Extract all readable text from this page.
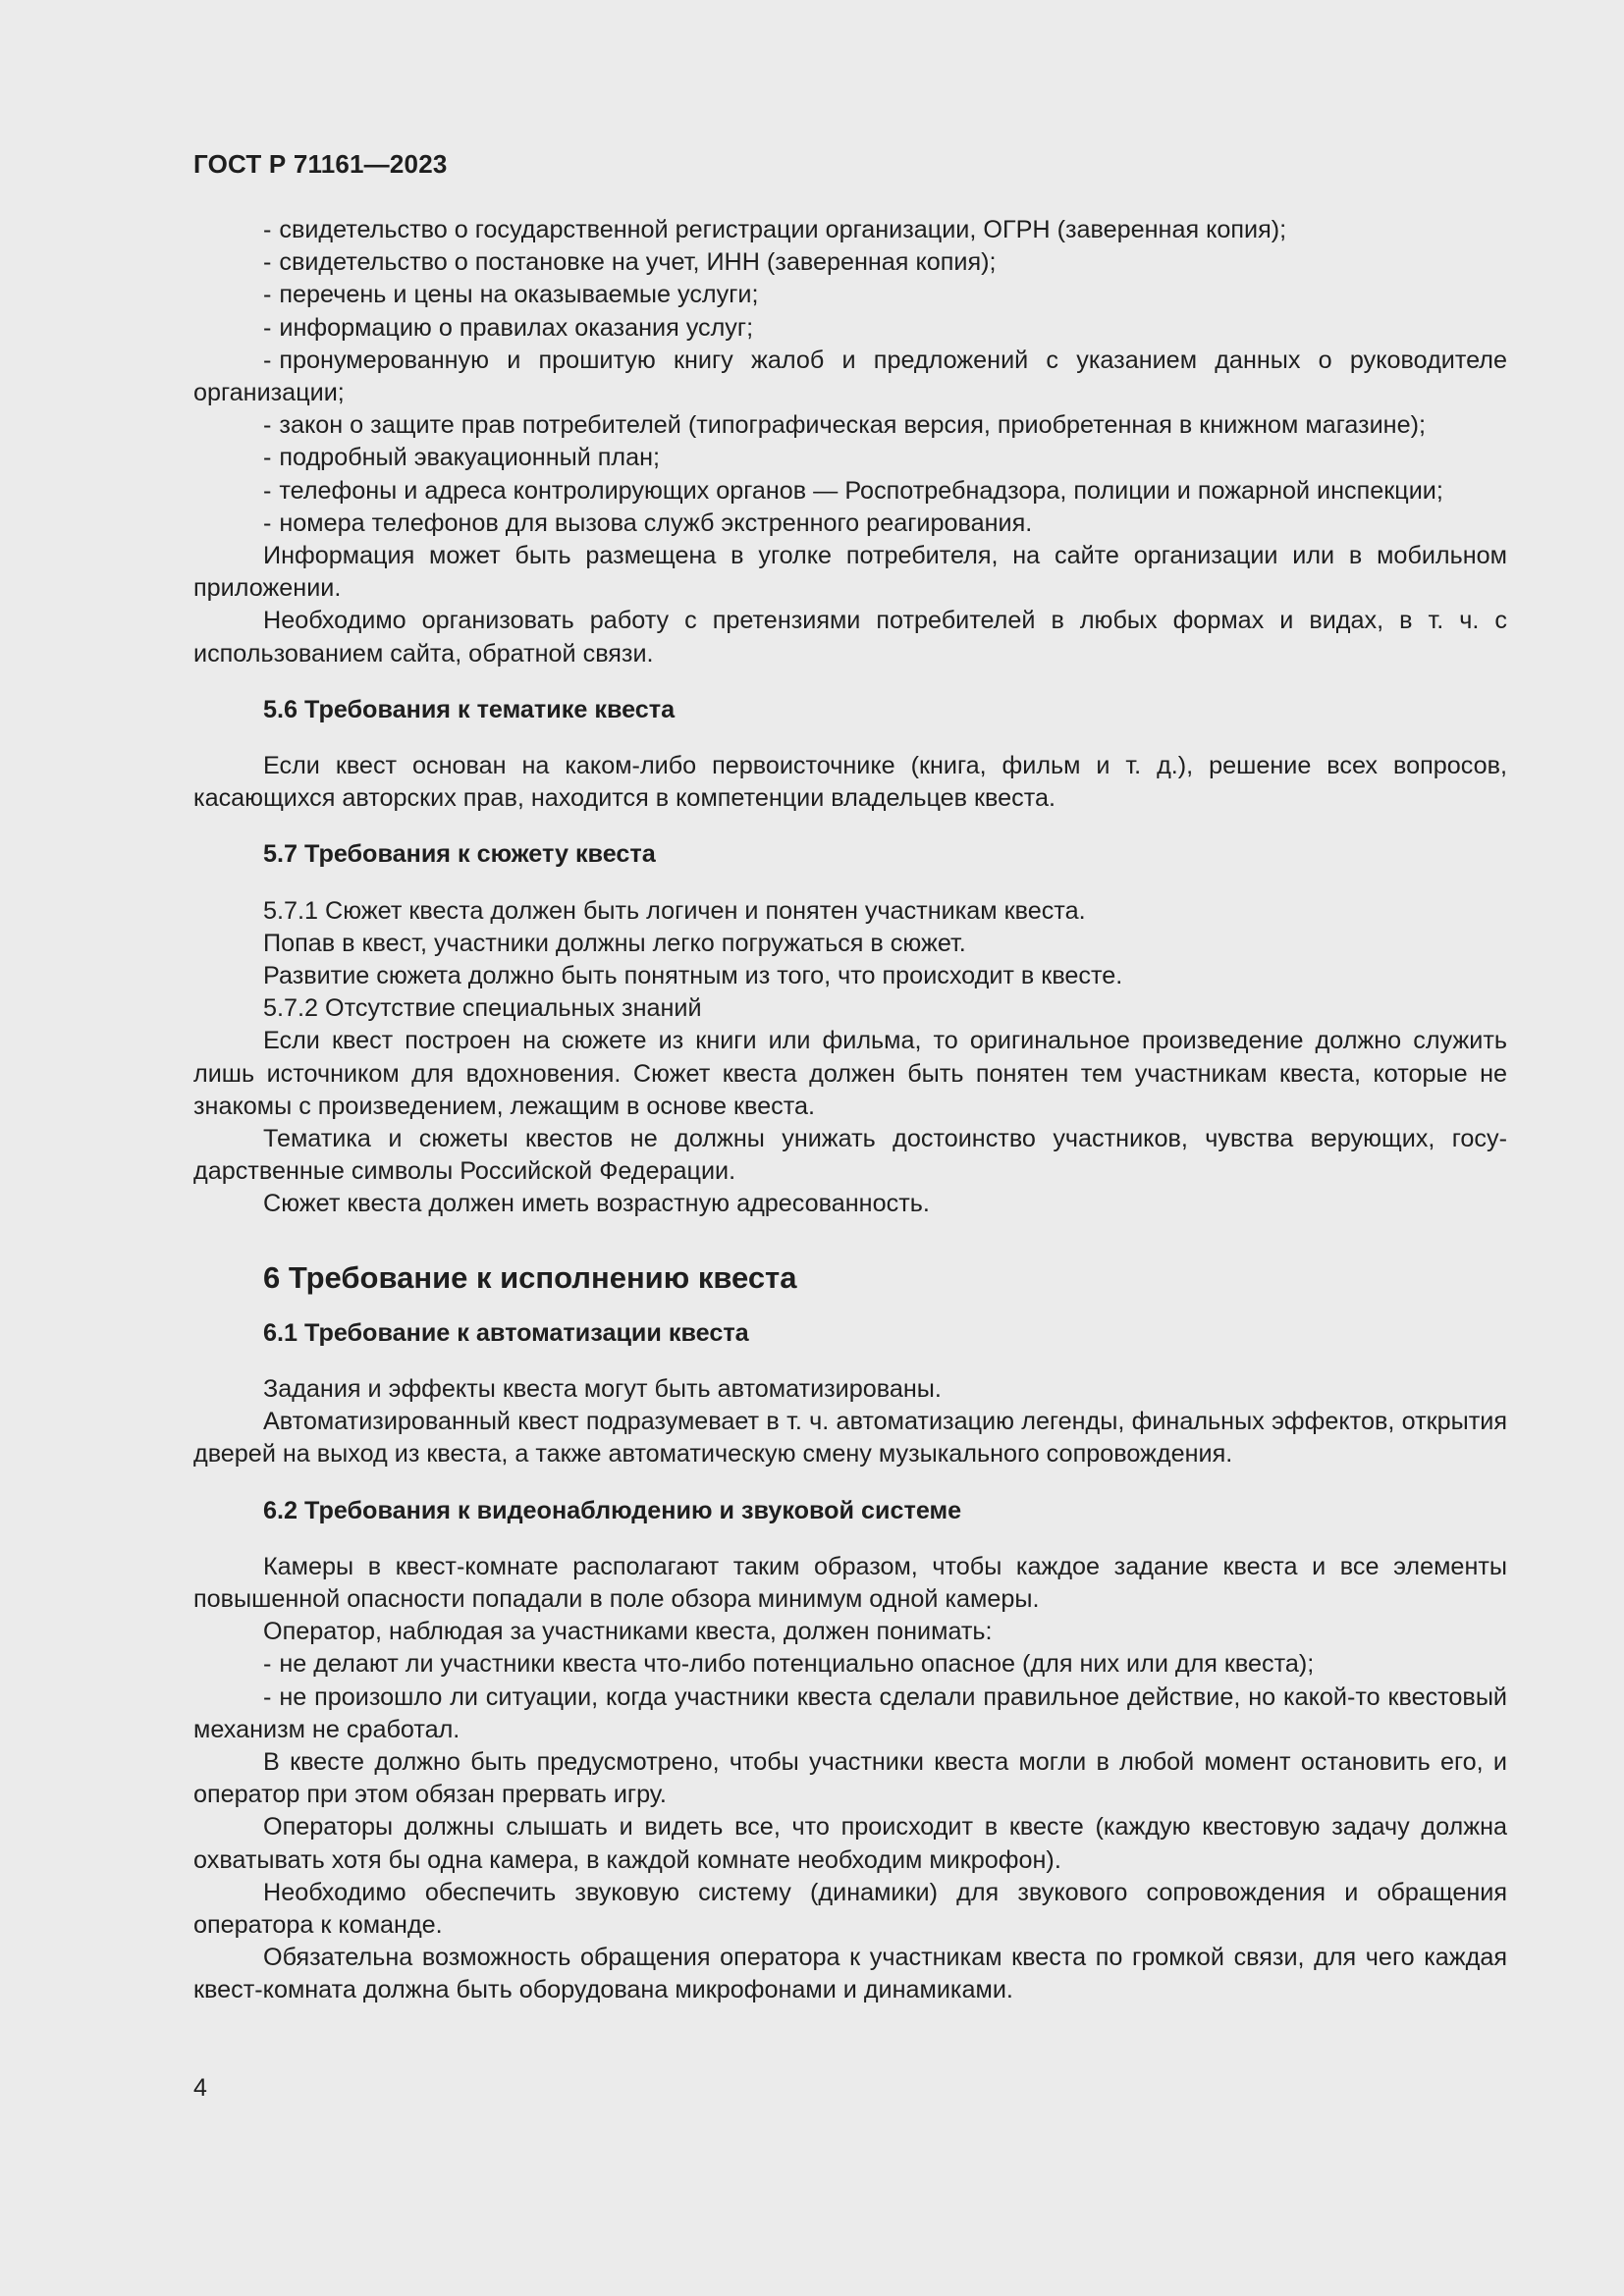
ГОСТ Р 71161—2023

- свидетельство о государственной регистрации организации, ОГРН (заверенная копия);

- свидетельство о постановке на учет, ИНН (заверенная копия);

- перечень и цены на оказываемые услуги;

- информацию о правилах оказания услуг;

- пронумерованную и прошитую книгу жалоб и предложений с указанием данных о руководителе организации;

- закон о защите прав потребителей (типографическая версия, приобретенная в книжном магазине);

- подробный эвакуационный план;

- телефоны и адреса контролирующих органов — Роспотребнадзора, полиции и пожарной инспекции;

- номера телефонов для вызова служб экстренного реагирования.

Информация может быть размещена в уголке потребителя, на сайте организации или в мобильном приложении.

Необходимо организовать работу с претензиями потребителей в любых формах и видах, в т. ч. с использованием сайта, обратной связи.

5.6 Требования к тематике квеста

Если квест основан на каком-либо первоисточнике (книга, фильм и т. д.), решение всех вопросов, касающихся авторских прав, находится в компетенции владельцев квеста.

5.7 Требования к сюжету квеста

5.7.1 Сюжет квеста должен быть логичен и понятен участникам квеста.

Попав в квест, участники должны легко погружаться в сюжет.

Развитие сюжета должно быть понятным из того, что происходит в квесте.

5.7.2 Отсутствие специальных знаний

Если квест построен на сюжете из книги или фильма, то оригинальное произведение должно служить лишь источником для вдохновения. Сюжет квеста должен быть понятен тем участникам квеста, которые не знакомы с произведением, лежащим в основе квеста.

Тематика и сюжеты квестов не должны унижать достоинство участников, чувства верующих, государственные символы Российской Федерации.

Сюжет квеста должен иметь возрастную адресованность.

6 Требование к исполнению квеста
6.1 Требование к автоматизации квеста

Задания и эффекты квеста могут быть автоматизированы.

Автоматизированный квест подразумевает в т. ч. автоматизацию легенды, финальных эффектов, открытия дверей на выход из квеста, а также автоматическую смену музыкального сопровождения.

6.2 Требования к видеонаблюдению и звуковой системе

Камеры в квест-комнате располагают таким образом, чтобы каждое задание квеста и все элементы повышенной опасности попадали в поле обзора минимум одной камеры.

Оператор, наблюдая за участниками квеста, должен понимать:

- не делают ли участники квеста что-либо потенциально опасное (для них или для квеста);

- не произошло ли ситуации, когда участники квеста сделали правильное действие, но какой-то квестовый механизм не сработал.

В квесте должно быть предусмотрено, чтобы участники квеста могли в любой момент остановить его, и оператор при этом обязан прервать игру.

Операторы должны слышать и видеть все, что происходит в квесте (каждую квестовую задачу должна охватывать хотя бы одна камера, в каждой комнате необходим микрофон).

Необходимо обеспечить звуковую систему (динамики) для звукового сопровождения и обращения оператора к команде.

Обязательна возможность обращения оператора к участникам квеста по громкой связи, для чего каждая квест-комната должна быть оборудована микрофонами и динамиками.

4
